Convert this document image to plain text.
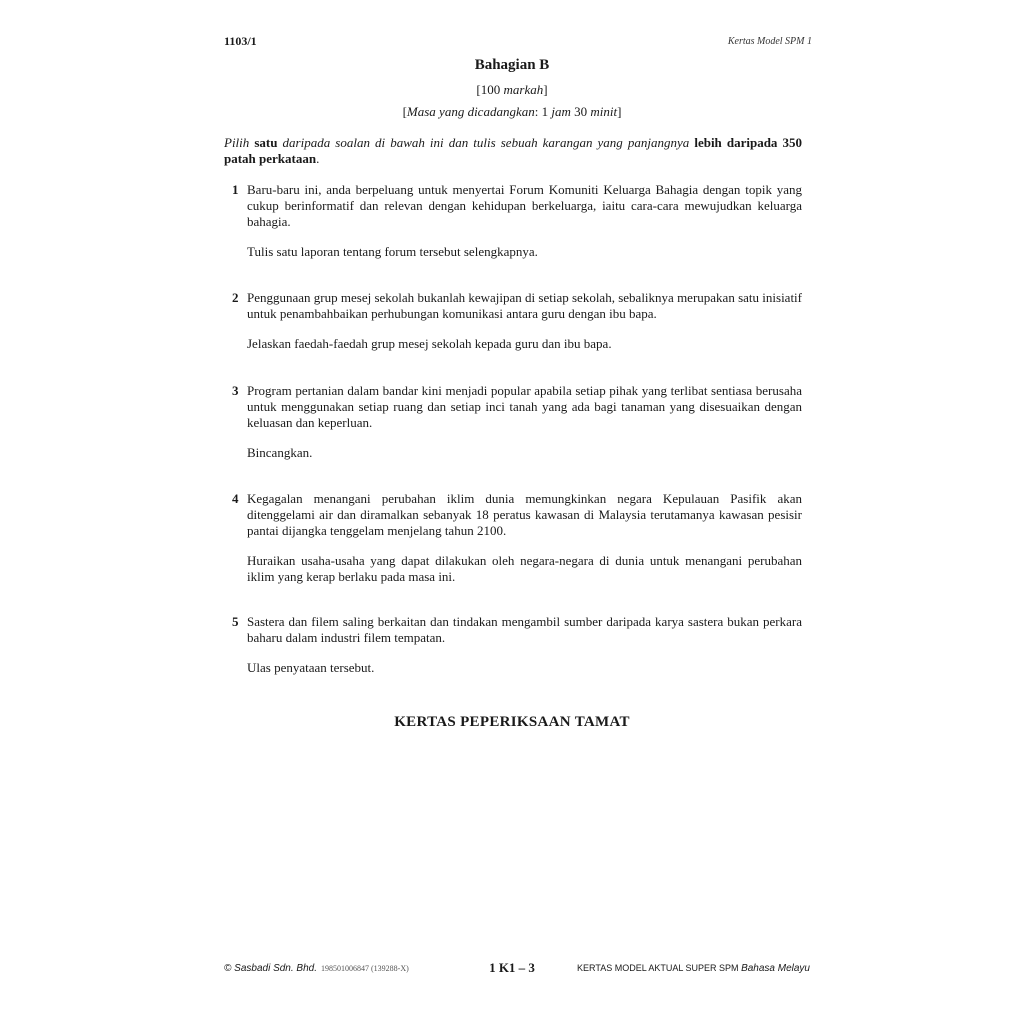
1103/1	Kertas Model SPM 1
Bahagian B
[100 markah]
[Masa yang dicadangkan: 1 jam 30 minit]
Pilih satu daripada soalan di bawah ini dan tulis sebuah karangan yang panjangnya lebih daripada 350 patah perkataan.
1 Baru-baru ini, anda berpeluang untuk menyertai Forum Komuniti Keluarga Bahagia dengan topik yang cukup berinformatif dan relevan dengan kehidupan berkeluarga, iaitu cara-cara mewujudkan keluarga bahagia.
Tulis satu laporan tentang forum tersebut selengkapnya.
2 Penggunaan grup mesej sekolah bukanlah kewajipan di setiap sekolah, sebaliknya merupakan satu inisiatif untuk penambahbaikan perhubungan komunikasi antara guru dengan ibu bapa.
Jelaskan faedah-faedah grup mesej sekolah kepada guru dan ibu bapa.
3 Program pertanian dalam bandar kini menjadi popular apabila setiap pihak yang terlibat sentiasa berusaha untuk menggunakan setiap ruang dan setiap inci tanah yang ada bagi tanaman yang disesuaikan dengan keluasan dan keperluan.
Bincangkan.
4 Kegagalan menangani perubahan iklim dunia memungkinkan negara Kepulauan Pasifik akan ditenggelami air dan diramalkan sebanyak 18 peratus kawasan di Malaysia terutamanya kawasan pesisir pantai dijangka tenggelam menjelang tahun 2100.
Huraikan usaha-usaha yang dapat dilakukan oleh negara-negara di dunia untuk menangani perubahan iklim yang kerap berlaku pada masa ini.
5 Sastera dan filem saling berkaitan dan tindakan mengambil sumber daripada karya sastera bukan perkara baharu dalam industri filem tempatan.
Ulas penyataan tersebut.
KERTAS PEPERIKSAAN TAMAT
© Sasbadi Sdn. Bhd. 198501006847 (139288-X)	1 K1 – 3	KERTAS MODEL AKTUAL SUPER SPM Bahasa Melayu
